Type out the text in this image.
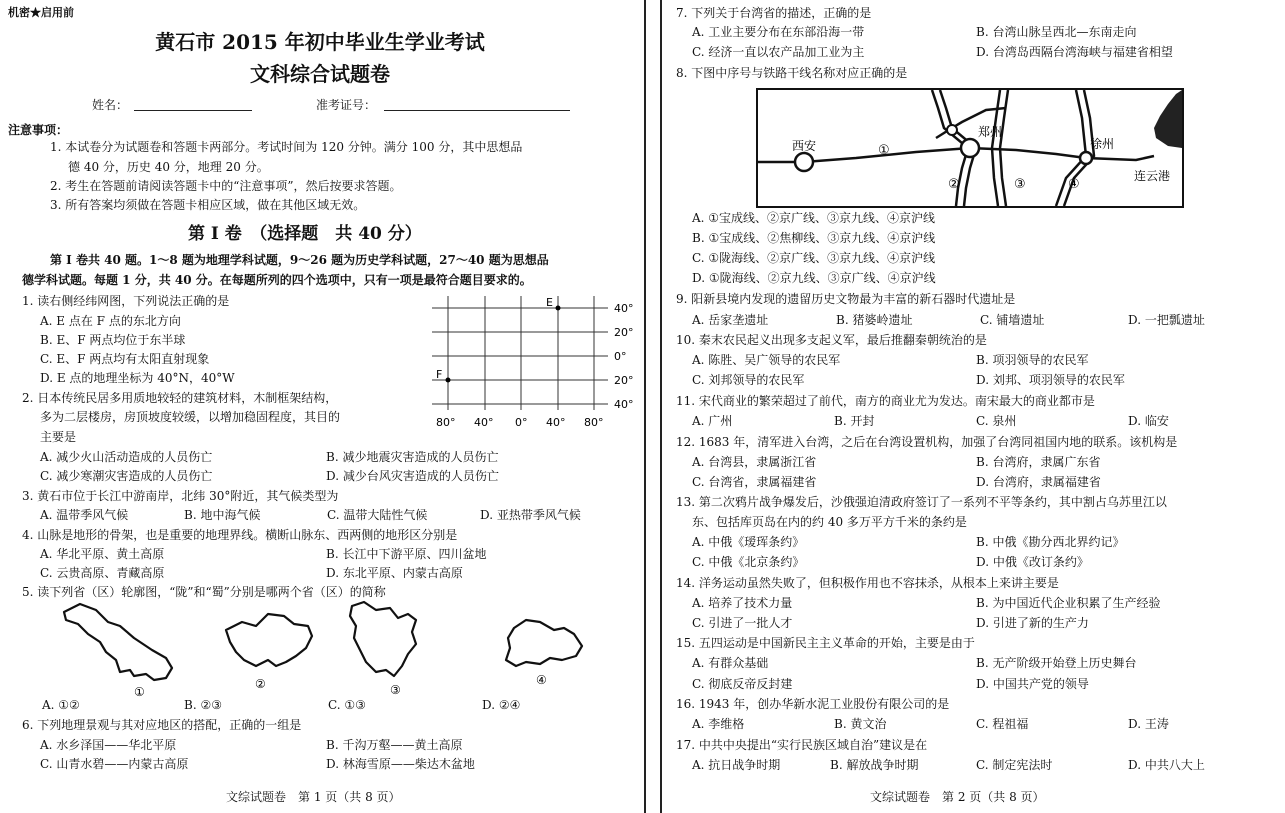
机密★启用前
黄石市 2015 年初中毕业生学业考试
文科综合试题卷
姓名：	准考证号：
注意事项：
1. 本试卷分为试题卷和答题卡两部分。考试时间为 120 分钟。满分 100 分，其中思想品
德 40 分，历史 40 分，地理 20 分。
2. 考生在答题前请阅读答题卡中的“注意事项”，然后按要求答题。
3. 所有答案均须做在答题卡相应区域，做在其他区域无效。
第 Ⅰ 卷　（选择题　共 40 分）
第 Ⅰ 卷共 40 题。1～8 题为地理学科试题，9～26 题为历史学科试题，27～40 题为思想品
德学科试题。每题 1 分，共 40 分。在每题所列的四个选项中，只有一项是最符合题目要求的。
1. 读右侧经纬网图，下列说法正确的是
A. E 点在 F 点的东北方向
B. E、F 两点均位于东半球
C. E、F 两点均有太阳直射现象
D. E 点的地理坐标为 40°N，40°W
E
F
40°
20°
0°
20°
40°
80° 40° 0° 40° 80°
2. 日本传统民居多用质地较轻的建筑材料，木制框架结构，
多为二层楼房，房顶坡度较缓，以增加稳固程度，其目的
主要是
A. 减少火山活动造成的人员伤亡	B. 减少地震灾害造成的人员伤亡
C. 减少寒潮灾害造成的人员伤亡	D. 减少台风灾害造成的人员伤亡
3. 黄石市位于长江中游南岸，北纬 30°附近，其气候类型为
A. 温带季风气候	B. 地中海气候	C. 温带大陆性气候	D. 亚热带季风气候
4. 山脉是地形的骨架，也是重要的地理界线。横断山脉东、西两侧的地形区分别是
A. 华北平原、黄土高原	B. 长江中下游平原、四川盆地
C. 云贵高原、青藏高原	D. 东北平原、内蒙古高原
5. 读下列省（区）轮廓图，“陇”和“蜀”分别是哪两个省（区）的简称
①
②	③
④
A. ①②	B. ②③	C. ①③	D. ②④
6. 下列地理景观与其对应地区的搭配，正确的一组是
A. 水乡泽国——华北平原	B. 千沟万壑——黄土高原
C. 山青水碧——内蒙古高原	D. 林海雪原——柴达木盆地
文综试题卷　第 1 页（共 8 页）
7. 下列关于台湾省的描述，正确的是
A. 工业主要分布在东部沿海一带	B. 台湾山脉呈西北—东南走向
C. 经济一直以农产品加工业为主	D. 台湾岛西隔台湾海峡与福建省相望
8. 下图中序号与铁路干线名称对应正确的是
西安
郑州
徐州
连云港
①
②	③	④
A. ①宝成线、②京广线、③京九线、④京沪线
B. ①宝成线、②焦柳线、③京九线、④京沪线
C. ①陇海线、②京广线、③京九线、④京沪线
D. ①陇海线、②京九线、③京广线、④京沪线
9. 阳新县境内发现的遗留历史文物最为丰富的新石器时代遗址是
A. 岳家垄遗址	B. 猪婆岭遗址	C. 铺墙遗址	D. 一把瓢遗址
10. 秦末农民起义出现多支起义军，最后推翻秦朝统治的是
A. 陈胜、吴广领导的农民军	B. 项羽领导的农民军
C. 刘邦领导的农民军	D. 刘邦、项羽领导的农民军
11. 宋代商业的繁荣超过了前代，南方的商业尤为发达。南宋最大的商业都市是
A. 广州	B. 开封	C. 泉州	D. 临安
12. 1683 年，清军进入台湾，之后在台湾设置机构，加强了台湾同祖国内地的联系。该机构是
A. 台湾县，隶属浙江省	B. 台湾府，隶属广东省
C. 台湾省，隶属福建省	D. 台湾府，隶属福建省
13. 第二次鸦片战争爆发后，沙俄强迫清政府签订了一系列不平等条约，其中割占乌苏里江以
东、包括库页岛在内的约 40 多万平方千米的条约是
A. 中俄《瑷珲条约》	B. 中俄《勘分西北界约记》
C. 中俄《北京条约》	D. 中俄《改订条约》
14. 洋务运动虽然失败了，但积极作用也不容抹杀，从根本上来讲主要是
A. 培养了技术力量	B. 为中国近代企业积累了生产经验
C. 引进了一批人才	D. 引进了新的生产力
15. 五四运动是中国新民主主义革命的开始，主要是由于
A. 有群众基础	B. 无产阶级开始登上历史舞台
C. 彻底反帝反封建	D. 中国共产党的领导
16. 1943 年，创办华新水泥工业股份有限公司的是
A. 李维格	B. 黄文治	C. 程祖福	D. 王涛
17. 中共中央提出“实行民族区域自治”建议是在
A. 抗日战争时期	B. 解放战争时期	C. 制定宪法时	D. 中共八大上
文综试题卷　第 2 页（共 8 页）
